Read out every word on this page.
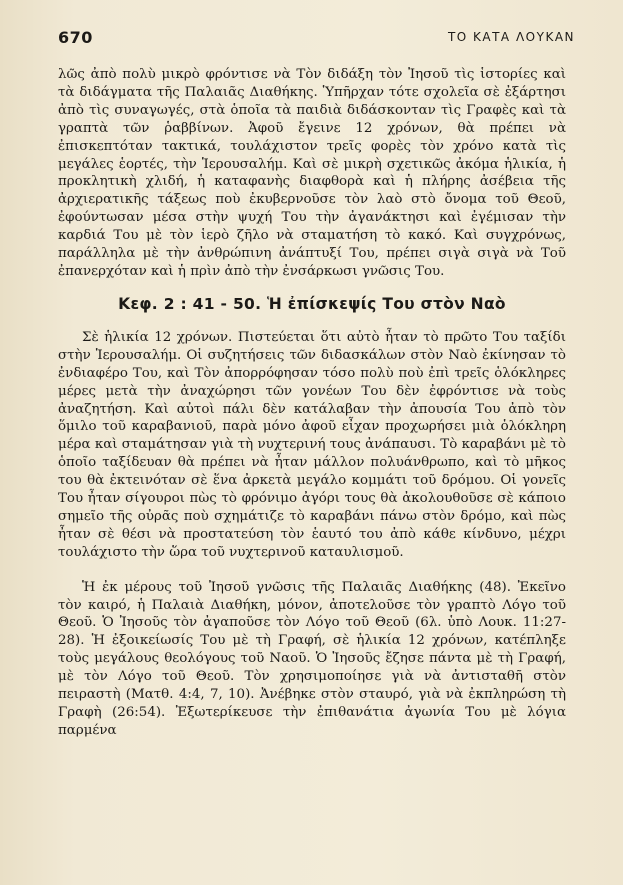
670	ΤΟ ΚΑΤΑ ΛΟΥΚΑΝ

λῶς ἀπὸ πολὺ μικρὸ φρόντισε νὰ Τὸν διδάξη τὸν Ἰησοῦ τὶς ἱστορίες καὶ τὰ διδάγματα τῆς Παλαιᾶς Διαθήκης. Ὑπῆρχαν τότε σχολεῖα σὲ ἐξάρτησι ἀπὸ τὶς συναγωγές, στὰ ὁποῖα τὰ παιδιὰ διδάσκονταν τὶς Γραφὲς καὶ τὰ γραπτὰ τῶν ῥαββίνων. Ἀφοῦ ἔγεινε 12 χρόνων, θὰ πρέπει νὰ ἐπισκεπτόταν τακτικά, τουλάχιστον τρεῖς φορὲς τὸν χρόνο κατὰ τὶς μεγάλες ἑορτές, τὴν Ἱερουσαλήμ. Καὶ σὲ μικρὴ σχετικῶς ἀκόμα ἡλικία, ἡ προκλητικὴ χλιδή, ἡ καταφανὴς διαφθορὰ καὶ ἡ πλήρης ἀσέβεια τῆς ἀρχιερατικῆς τάξεως ποὺ ἐκυβερνοῦσε τὸν λαὸ στὸ ὄνομα τοῦ Θεοῦ, ἐφούντωσαν μέσα στὴν ψυχή Του τὴν ἀγανάκτησι καὶ ἐγέμισαν τὴν καρδιά Του μὲ τὸν ἱερὸ ζῆλο νὰ σταματήση τὸ κακό. Καὶ συγχρόνως, παράλληλα μὲ τὴν ἀνθρώπινη ἀνάπτυξί Του, πρέπει σιγὰ σιγὰ νὰ Τοῦ ἐπανερχόταν καὶ ἡ πρὶν ἀπὸ τὴν ἐνσάρκωσι γνῶσις Του.

Κεφ. 2 : 41 - 50. Ἡ ἐπίσκεψίς Του στὸν Ναὸ

Σὲ ἡλικία 12 χρόνων. Πιστεύεται ὅτι αὐτὸ ἦταν τὸ πρῶτο Του ταξίδι στὴν Ἱερουσαλήμ. Οἱ συζητήσεις τῶν διδασκάλων στὸν Ναὸ ἐκίνησαν τὸ ἐνδιαφέρο Του, καὶ Τὸν ἀπορρόφησαν τόσο πολὺ ποὺ ἐπὶ τρεῖς ὁλόκληρες μέρες μετὰ τὴν ἀναχώρησι τῶν γονέων Του δὲν ἐφρόντισε νὰ τοὺς ἀναζητήση. Καὶ αὐτοὶ πάλι δὲν κατάλαβαν τὴν ἀπουσία Του ἀπὸ τὸν ὅμιλο τοῦ καραβανιοῦ, παρὰ μόνο ἀφοῦ εἶχαν προχωρήσει μιὰ ὁλόκληρη μέρα καὶ σταμάτησαν γιὰ τὴ νυχτερινή τους ἀνάπαυσι. Τὸ καραβάνι μὲ τὸ ὁποῖο ταξίδευαν θὰ πρέπει νὰ ἦταν μάλλον πολυάνθρωπο, καὶ τὸ μῆκος του θὰ ἐκτεινόταν σὲ ἕνα ἀρκετὰ μεγάλο κομμάτι τοῦ δρόμου. Οἱ γονεῖς Του ἦταν σίγουροι πὼς τὸ φρόνιμο ἀγόρι τους θὰ ἀκολουθοῦσε σὲ κάποιο σημεῖο τῆς οὐρᾶς ποὺ σχημάτιζε τὸ καραβάνι πάνω στὸν δρόμο, καὶ πὼς ἦταν σὲ θέσι νὰ προστατεύση τὸν ἑαυτό του ἀπὸ κάθε κίνδυνο, μέχρι τουλάχιστο τὴν ὥρα τοῦ νυχτερινοῦ καταυλισμοῦ.

Ἡ ἐκ μέρους τοῦ Ἰησοῦ γνῶσις τῆς Παλαιᾶς Διαθήκης (48). Ἐκεῖνο τὸν καιρό, ἡ Παλαιὰ Διαθήκη, μόνον, ἀποτελοῦσε τὸν γραπτὸ Λόγο τοῦ Θεοῦ. Ὁ Ἰησοῦς τὸν ἀγαποῦσε τὸν Λόγο τοῦ Θεοῦ (6λ. ὑπὸ Λουκ. 11:27-28). Ἡ ἐξοικείωσίς Του μὲ τὴ Γραφή, σὲ ἡλικία 12 χρόνων, κατέπληξε τοὺς μεγάλους θεολόγους τοῦ Ναοῦ. Ὁ Ἰησοῦς ἔζησε πάντα μὲ τὴ Γραφή, μὲ τὸν Λόγο τοῦ Θεοῦ. Τὸν χρησιμοποίησε γιὰ νὰ ἀντισταθῆ στὸν πειραστὴ (Ματθ. 4:4, 7, 10). Ἀνέβηκε στὸν σταυρό, γιὰ νὰ ἐκπληρώση τὴ Γραφὴ (26:54). Ἐξωτερίκευσε τὴν ἐπιθανάτια ἀγωνία Του μὲ λόγια παρμένα
